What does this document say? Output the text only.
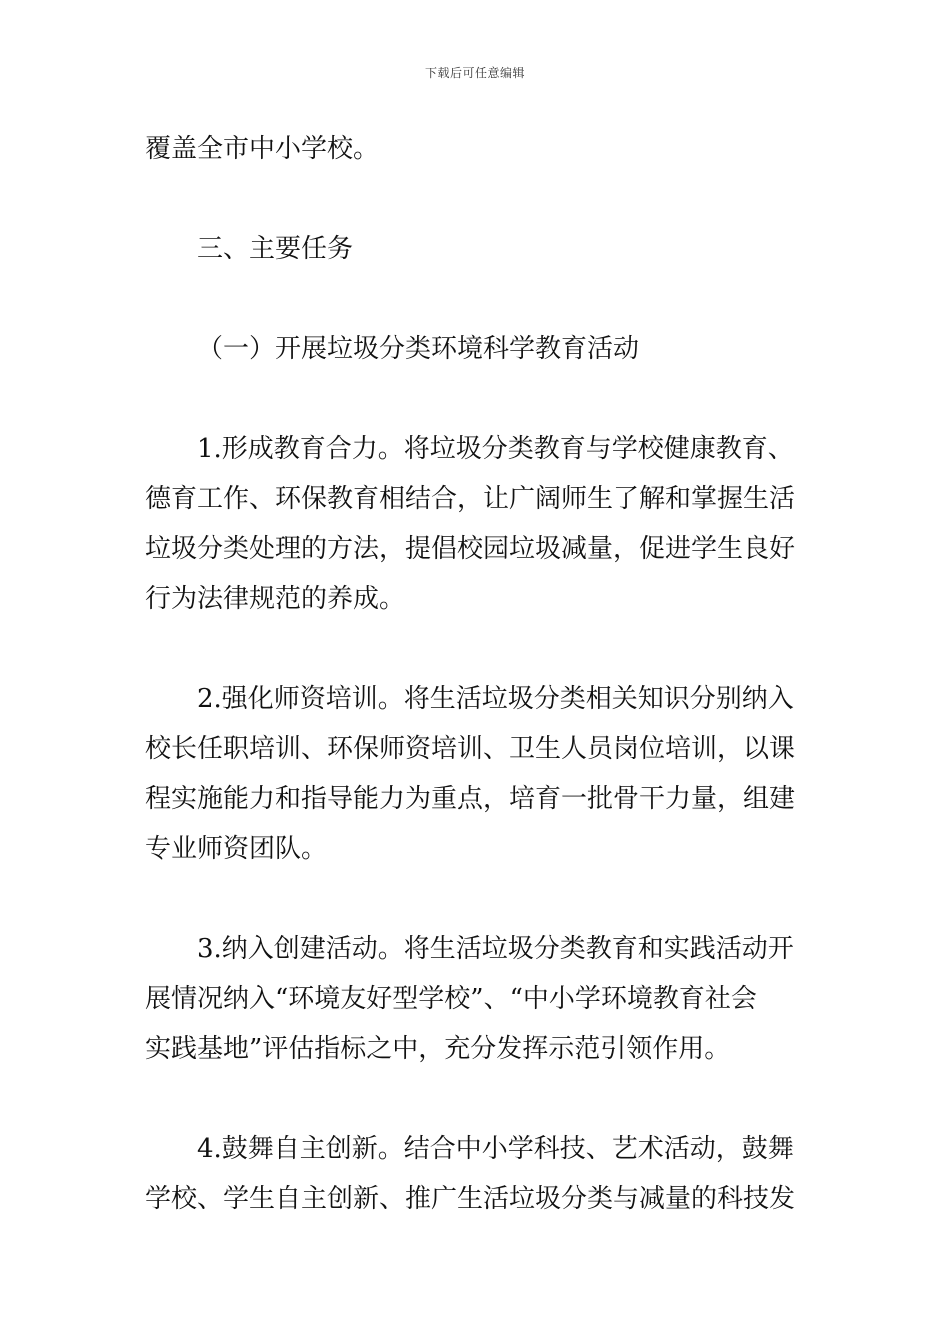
下载后可任意编辑

覆盖全市中小学校。

三、主要任务

（一）开展垃圾分类环境科学教育活动

1.形成教育合力。将垃圾分类教育与学校健康教育、

德育工作、环保教育相结合，让广阔师生了解和掌握生活

垃圾分类处理的方法，提倡校园垃圾减量，促进学生良好

行为法律规范的养成。

2.强化师资培训。将生活垃圾分类相关知识分别纳入

校长任职培训、环保师资培训、卫生人员岗位培训，以课

程实施能力和指导能力为重点，培育一批骨干力量，组建

专业师资团队。

3.纳入创建活动。将生活垃圾分类教育和实践活动开

展情况纳入“环境友好型学校”、“中小学环境教育社会

实践基地”评估指标之中，充分发挥示范引领作用。

4.鼓舞自主创新。结合中小学科技、艺术活动，鼓舞

学校、学生自主创新、推广生活垃圾分类与减量的科技发
